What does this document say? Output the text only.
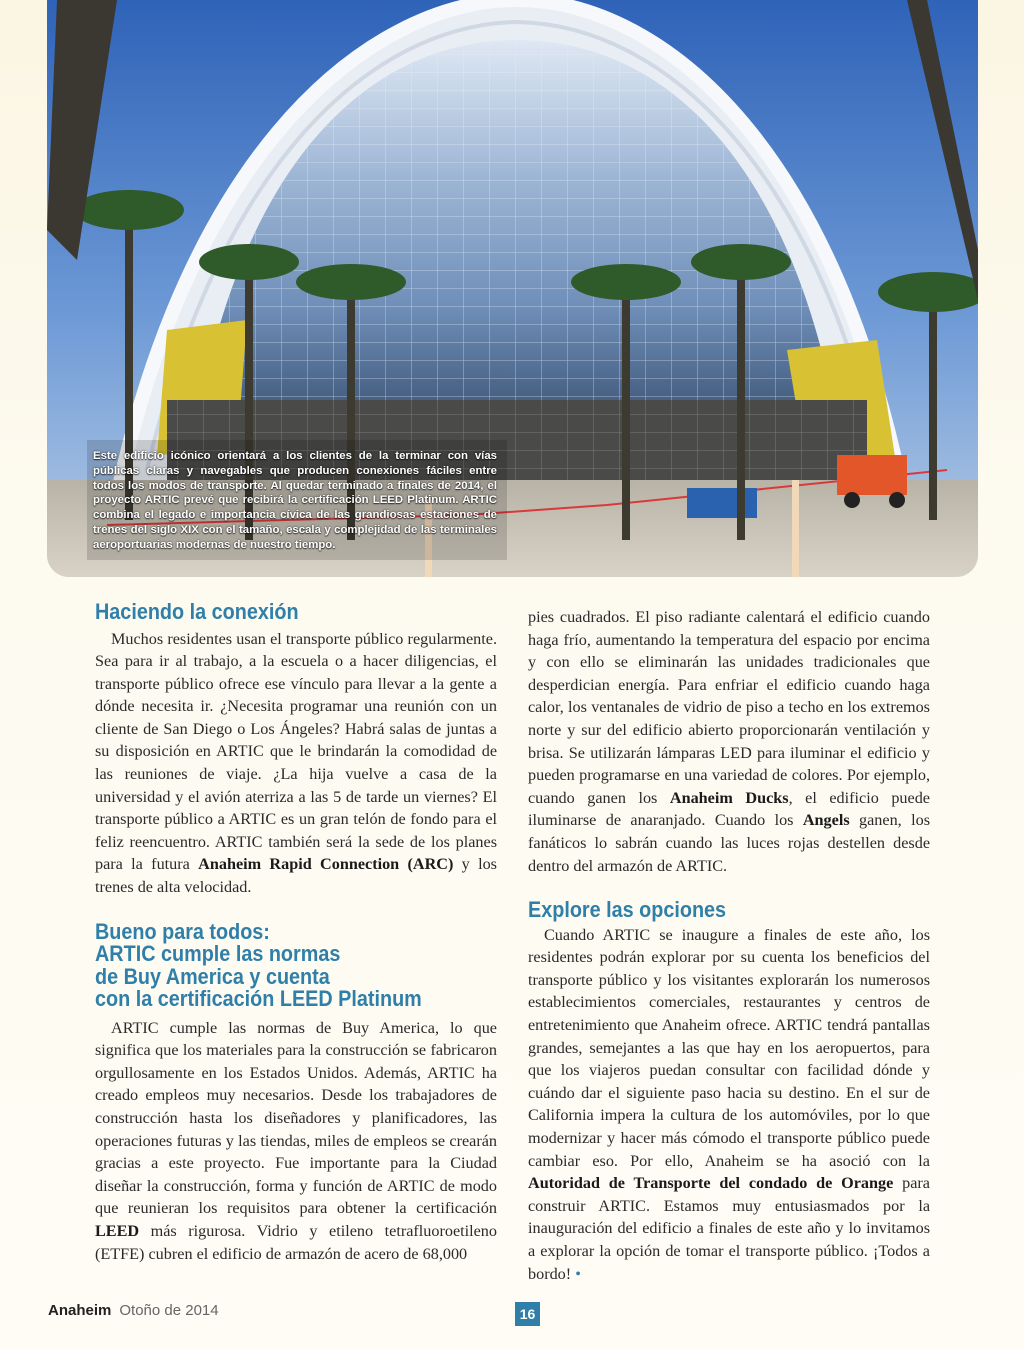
Este edificio icónico orientará a los clientes de la terminar con vías públicas claras y navegables que producen conexiones fáciles entre todos los modos de transporte. Al quedar terminado a finales de 2014, el proyecto ARTIC prevé que recibirá la certificación LEED Platinum. ARTIC combina el legado e importancia cívica de las grandiosas estaciones de trenes del siglo XIX con el tamaño, escala y complejidad de las terminales aeroportuarias modernas de nuestro tiempo.
Haciendo la conexión

Muchos residentes usan el transporte público regularmente. Sea para ir al trabajo, a la escuela o a hacer diligencias, el transporte público ofrece ese vínculo para llevar a la gente a dónde necesita ir. ¿Necesita programar una reunión con un cliente de San Diego o Los Ángeles? Habrá salas de juntas a su disposición en ARTIC que le brindarán la comodidad de las reuniones de viaje. ¿La hija vuelve a casa de la universidad y el avión aterriza a las 5 de tarde un viernes? El transporte público a ARTIC es un gran telón de fondo para el feliz reencuentro. ARTIC también será la sede de los planes para la futura Anaheim Rapid Connection (ARC) y los trenes de alta velocidad.

Bueno para todos:
ARTIC cumple las normas
de Buy America y cuenta
con la certificación LEED Platinum

ARTIC cumple las normas de Buy America, lo que significa que los materiales para la construcción se fabricaron orgullosamente en los Estados Unidos. Además, ARTIC ha creado empleos muy necesarios. Desde los trabajadores de construcción hasta los diseñadores y planificadores, las operaciones futuras y las tiendas, miles de empleos se crearán gracias a este proyecto. Fue importante para la Ciudad diseñar la construcción, forma y función de ARTIC de modo que reunieran los requisitos para obtener la certificación LEED más rigurosa. Vidrio y etileno tetrafluoroetileno (ETFE) cubren el edificio de armazón de acero de 68,000

pies cuadrados. El piso radiante calentará el edificio cuando haga frío, aumentando la temperatura del espacio por encima y con ello se eliminarán las unidades tradicionales que desperdician energía. Para enfriar el edificio cuando haga calor, los ventanales de vidrio de piso a techo en los extremos norte y sur del edificio abierto proporcionarán ventilación y brisa. Se utilizarán lámparas LED para iluminar el edificio y pueden programarse en una variedad de colores. Por ejemplo, cuando ganen los Anaheim Ducks, el edificio puede iluminarse de anaranjado. Cuando los Angels ganen, los fanáticos lo sabrán cuando las luces rojas destellen desde dentro del armazón de ARTIC.

Explore las opciones

Cuando ARTIC se inaugure a finales de este año, los residentes podrán explorar por su cuenta los beneficios del transporte público y los visitantes explorarán los numerosos establecimientos comerciales, restaurantes y centros de entretenimiento que Anaheim ofrece. ARTIC tendrá pantallas grandes, semejantes a las que hay en los aeropuertos, para que los viajeros puedan consultar con facilidad dónde y cuándo dar el siguiente paso hacia su destino. En el sur de California impera la cultura de los automóviles, por lo que modernizar y hacer más cómodo el transporte público puede cambiar eso. Por ello, Anaheim se ha asoció con la Autoridad de Transporte del condado de Orange para construir ARTIC. Estamos muy entusiasmados por la inauguración del edificio a finales de este año y lo invitamos a explorar la opción de tomar el transporte público. ¡Todos a bordo! •

Anaheim Otoño de 2014	16
